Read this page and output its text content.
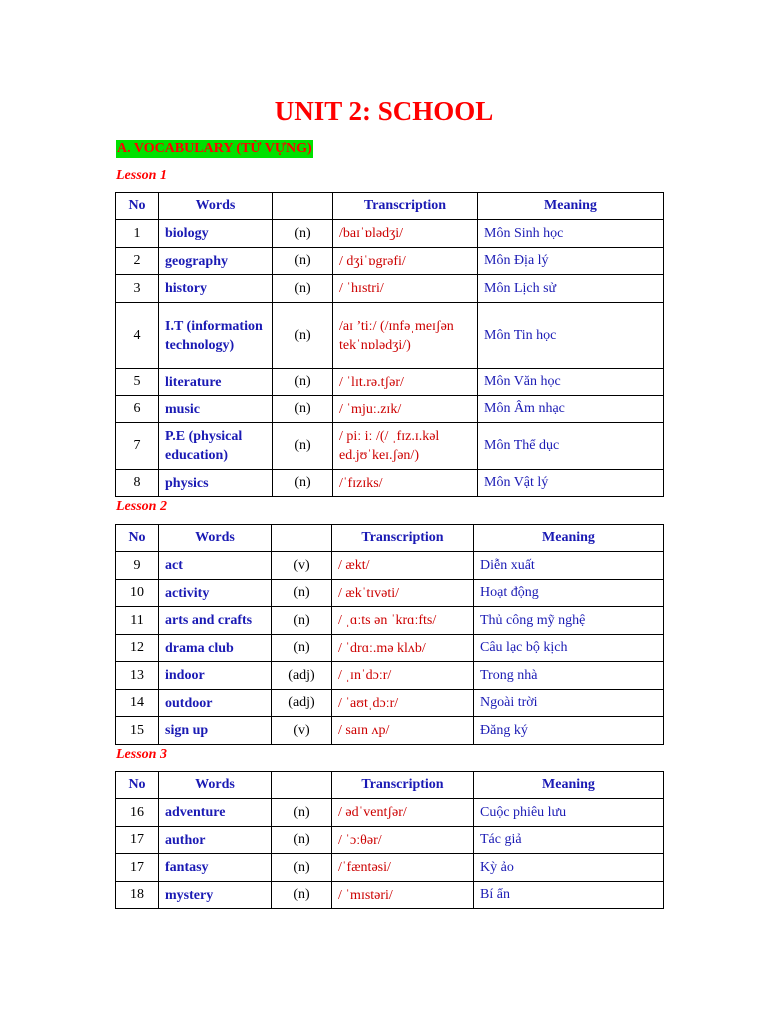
UNIT 2: SCHOOL
A. VOCABULARY (TỪ VỰNG)
Lesson 1
No	Words		Transcription	Meaning
1	biology	(n)	/baɪˈɒlədʒi/	Môn Sinh học
2	geography	(n)	/ dʒiˈɒgrəfi/	Môn Địa lý
3	history	(n)	/ ˈhɪstri/	Môn Lịch sử
4	I.T (information technology)	(n)	/aɪ ’tiː/ (/ɪnfəˌmeɪʃən tekˈnɒlədʒi/)	Môn Tin học
5	literature	(n)	/ ˈlɪt.rə.tʃər/	Môn Văn học
6	music	(n)	/ ˈmjuː.zɪk/	Môn Âm nhạc
7	P.E (physical education)	(n)	/ piː iː /(/ ˌfɪz.ɪ.kəl ed.jʊˈkeɪ.ʃən/)	Môn Thể dục
8	physics	(n)	/ˈfɪzɪks/	Môn Vật lý
Lesson 2
No	Words		Transcription	Meaning
9	act	(v)	/ ækt/	Diễn xuất
10	activity	(n)	/ ækˈtɪvəti/	Hoạt động
11	arts and crafts	(n)	/ ˌɑːts ən ˈkrɑːfts/	Thủ công mỹ nghệ
12	drama club	(n)	/ ˈdrɑː.mə klʌb/	Câu lạc bộ kịch
13	indoor	(adj)	/ ˌɪnˈdɔːr/	Trong nhà
14	outdoor	(adj)	/ ˈaʊtˌdɔːr/	Ngoài trời
15	sign up	(v)	/ saɪn ʌp/	Đăng ký
Lesson 3
No	Words		Transcription	Meaning
16	adventure	(n)	/ ədˈventʃər/	Cuộc phiêu lưu
17	author	(n)	/ ˈɔːθər/	Tác giả
17	fantasy	(n)	/ˈfæntəsi/	Kỳ ảo
18	mystery	(n)	/ ˈmɪstəri/	Bí ẩn
